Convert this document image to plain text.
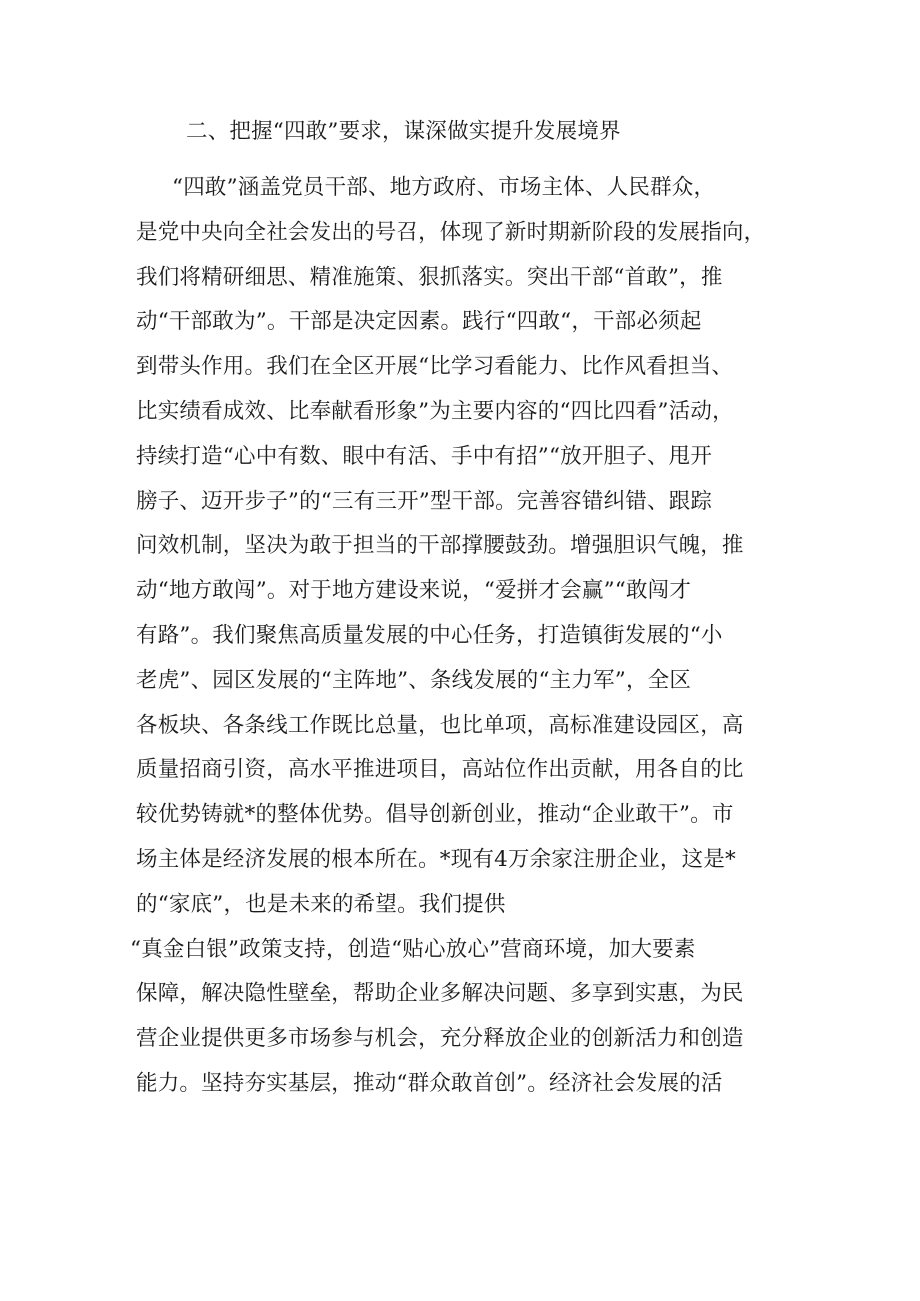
二、把握“四敢”要求，谋深做实提升发展境界
“四敢”涵盖党员干部、地方政府、市场主体、人民群众，
是党中央向全社会发出的号召，体现了新时期新阶段的发展指向，
我们将精研细思、精准施策、狠抓落实。突出干部“首敢”，推
动“干部敢为”。干部是决定因素。践行“四敢“，干部必须起
到带头作用。我们在全区开展“比学习看能力、比作风看担当、
比实绩看成效、比奉献看形象”为主要内容的“四比四看”活动，
持续打造“心中有数、眼中有活、手中有招”“放开胆子、甩开
膀子、迈开步子”的“三有三开”型干部。完善容错纠错、跟踪
问效机制，坚决为敢于担当的干部撑腰鼓劲。增强胆识气魄，推
动“地方敢闯”。对于地方建设来说，“爱拼才会赢”“敢闯才
有路”。我们聚焦高质量发展的中心任务，打造镇街发展的“小
老虎”、园区发展的“主阵地”、条线发展的“主力军”，全区
各板块、各条线工作既比总量，也比单项，高标准建设园区，高
质量招商引资，高水平推进项目，高站位作出贡献，用各自的比
较优势铸就*的整体优势。倡导创新创业，推动“企业敢干”。市
场主体是经济发展的根本所在。*现有4万余家注册企业，这是*
的“家底”，也是未来的希望。我们提供
“真金白银”政策支持，创造“贴心放心”营商环境，加大要素
保障，解决隐性壁垒，帮助企业多解决问题、多享到实惠，为民
营企业提供更多市场参与机会，充分释放企业的创新活力和创造
能力。坚持夯实基层，推动“群众敢首创”。经济社会发展的活
